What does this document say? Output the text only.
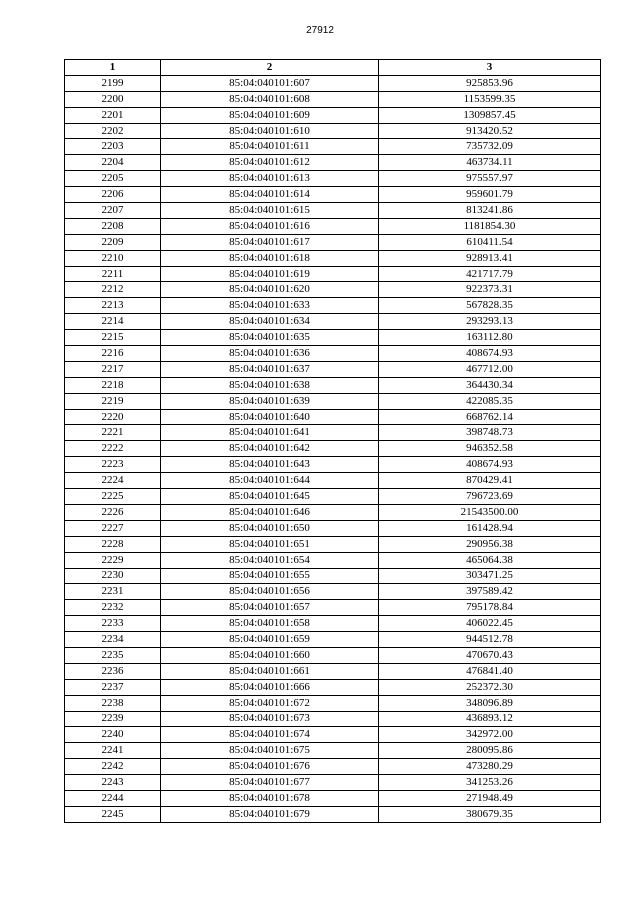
27912
1	2	3
2199	85:04:040101:607	925853.96
2200	85:04:040101:608	1153599.35
2201	85:04:040101:609	1309857.45
2202	85:04:040101:610	913420.52
2203	85:04:040101:611	735732.09
2204	85:04:040101:612	463734.11
2205	85:04:040101:613	975557.97
2206	85:04:040101:614	959601.79
2207	85:04:040101:615	813241.86
2208	85:04:040101:616	1181854.30
2209	85:04:040101:617	610411.54
2210	85:04:040101:618	928913.41
2211	85:04:040101:619	421717.79
2212	85:04:040101:620	922373.31
2213	85:04:040101:633	567828.35
2214	85:04:040101:634	293293.13
2215	85:04:040101:635	163112.80
2216	85:04:040101:636	408674.93
2217	85:04:040101:637	467712.00
2218	85:04:040101:638	364430.34
2219	85:04:040101:639	422085.35
2220	85:04:040101:640	668762.14
2221	85:04:040101:641	398748.73
2222	85:04:040101:642	946352.58
2223	85:04:040101:643	408674.93
2224	85:04:040101:644	870429.41
2225	85:04:040101:645	796723.69
2226	85:04:040101:646	21543500.00
2227	85:04:040101:650	161428.94
2228	85:04:040101:651	290956.38
2229	85:04:040101:654	465064.38
2230	85:04:040101:655	303471.25
2231	85:04:040101:656	397589.42
2232	85:04:040101:657	795178.84
2233	85:04:040101:658	406022.45
2234	85:04:040101:659	944512.78
2235	85:04:040101:660	470670.43
2236	85:04:040101:661	476841.40
2237	85:04:040101:666	252372.30
2238	85:04:040101:672	348096.89
2239	85:04:040101:673	436893.12
2240	85:04:040101:674	342972.00
2241	85:04:040101:675	280095.86
2242	85:04:040101:676	473280.29
2243	85:04:040101:677	341253.26
2244	85:04:040101:678	271948.49
2245	85:04:040101:679	380679.35
